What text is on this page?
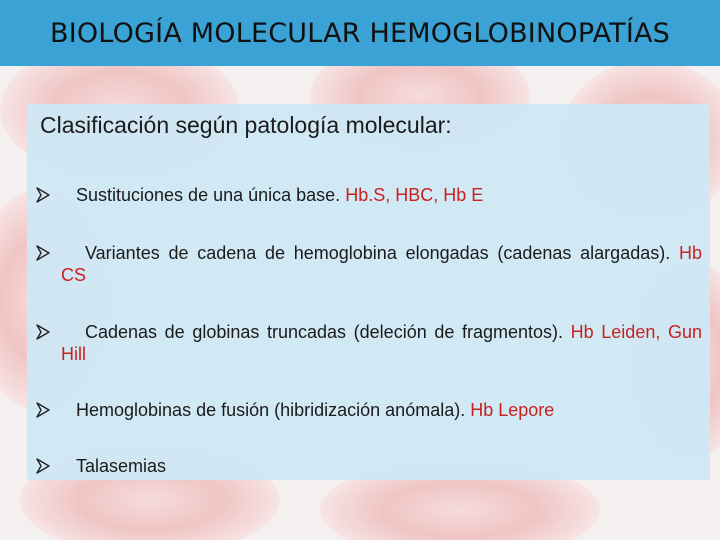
BIOLOGÍA MOLECULAR HEMOGLOBINOPATÍAS
Clasificación según patología molecular:
Sustituciones de una única base. Hb.S, HBC, Hb E
Variantes de cadena de hemoglobina elongadas (cadenas alargadas). Hb CS
Cadenas de globinas truncadas (deleción de fragmentos). Hb Leiden, Gun Hill
Hemoglobinas de fusión (hibridización anómala). Hb Lepore
Talasemias
